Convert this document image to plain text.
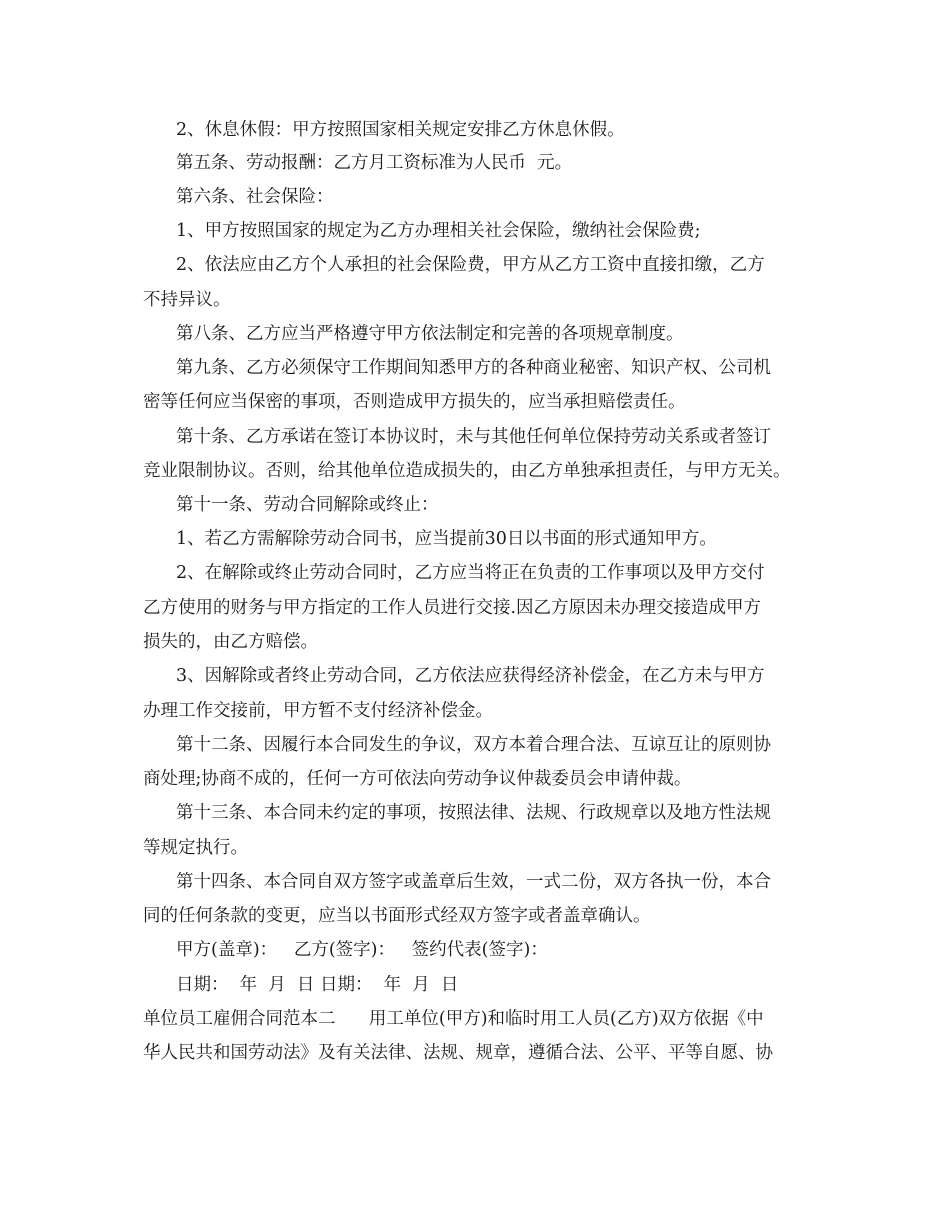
2、休息休假：甲方按照国家相关规定安排乙方休息休假。
第五条、劳动报酬：乙方月工资标准为人民币  元。
第六条、社会保险：
1、甲方按照国家的规定为乙方办理相关社会保险，缴纳社会保险费;
2、依法应由乙方个人承担的社会保险费，甲方从乙方工资中直接扣缴，乙方
不持异议。
第八条、乙方应当严格遵守甲方依法制定和完善的各项规章制度。
第九条、乙方必须保守工作期间知悉甲方的各种商业秘密、知识产权、公司机
密等任何应当保密的事项，否则造成甲方损失的，应当承担赔偿责任。
第十条、乙方承诺在签订本协议时，未与其他任何单位保持劳动关系或者签订
竞业限制协议。否则，给其他单位造成损失的，由乙方单独承担责任，与甲方无关。
第十一条、劳动合同解除或终止：
1、若乙方需解除劳动合同书，应当提前30日以书面的形式通知甲方。
2、在解除或终止劳动合同时，乙方应当将正在负责的工作事项以及甲方交付
乙方使用的财务与甲方指定的工作人员进行交接.因乙方原因未办理交接造成甲方
损失的，由乙方赔偿。
3、因解除或者终止劳动合同，乙方依法应获得经济补偿金，在乙方未与甲方
办理工作交接前，甲方暂不支付经济补偿金。
第十二条、因履行本合同发生的争议，双方本着合理合法、互谅互让的原则协
商处理;协商不成的，任何一方可依法向劳动争议仲裁委员会申请仲裁。
第十三条、本合同未约定的事项，按照法律、法规、行政规章以及地方性法规
等规定执行。
第十四条、本合同自双方签字或盖章后生效，一式二份，双方各执一份，本合
同的任何条款的变更，应当以书面形式经双方签字或者盖章确认。
甲方(盖章)：   乙方(签字)：   签约代表(签字)：
日期：  年  月  日 日期：  年  月  日
单位员工雇佣合同范本二      用工单位(甲方)和临时用工人员(乙方)双方依据《中
华人民共和国劳动法》及有关法律、法规、规章，遵循合法、公平、平等自愿、协
